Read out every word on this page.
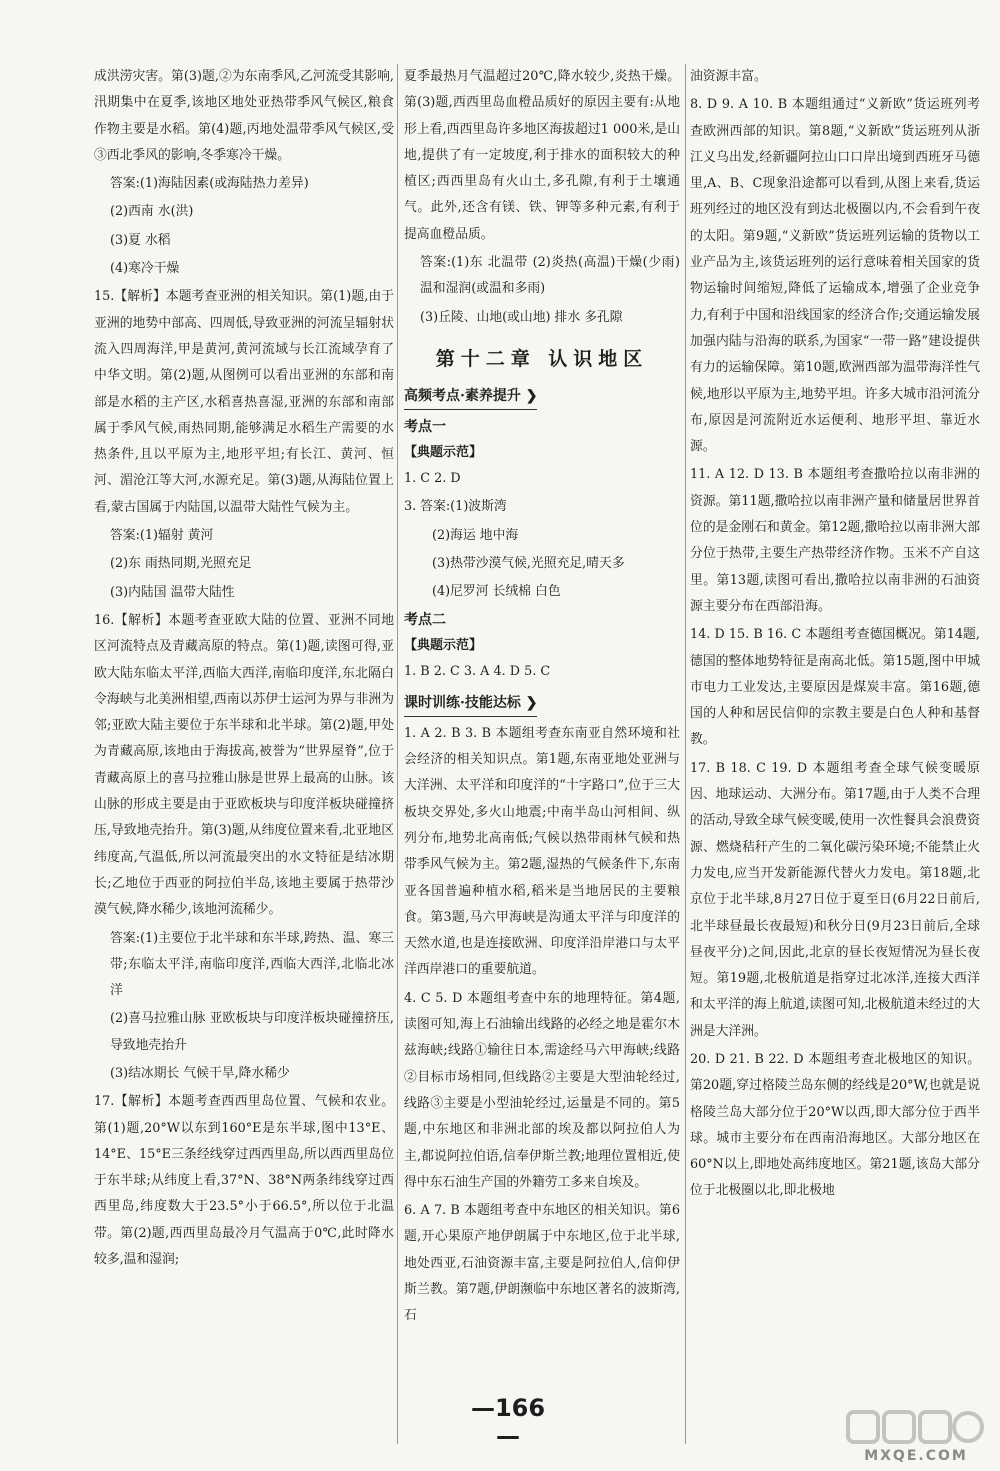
成洪涝灾害。第(3)题,②为东南季风,乙河流受其影响,汛期集中在夏季,该地区地处亚热带季风气候区,粮食作物主要是水稻。第(4)题,丙地处温带季风气候区,受③西北季风的影响,冬季寒冷干燥。

答案:(1)海陆因素(或海陆热力差异)

(2)西南 水(洪)

(3)夏 水稻

(4)寒冷干燥

15.【解析】本题考查亚洲的相关知识。第(1)题,由于亚洲的地势中部高、四周低,导致亚洲的河流呈辐射状流入四周海洋,甲是黄河,黄河流域与长江流域孕育了中华文明。第(2)题,从图例可以看出亚洲的东部和南部是水稻的主产区,水稻喜热喜湿,亚洲的东部和南部属于季风气候,雨热同期,能够满足水稻生产需要的水热条件,且以平原为主,地形平坦;有长江、黄河、恒河、湄沧江等大河,水源充足。第(3)题,从海陆位置上看,蒙古国属于内陆国,以温带大陆性气候为主。

答案:(1)辐射 黄河

(2)东 雨热同期,光照充足

(3)内陆国 温带大陆性

16.【解析】本题考查亚欧大陆的位置、亚洲不同地区河流特点及青藏高原的特点。第(1)题,读图可得,亚欧大陆东临太平洋,西临大西洋,南临印度洋,东北隔白令海峡与北美洲相望,西南以苏伊士运河为界与非洲为邻;亚欧大陆主要位于东半球和北半球。第(2)题,甲处为青藏高原,该地由于海拔高,被誉为“世界屋脊”,位于青藏高原上的喜马拉雅山脉是世界上最高的山脉。该山脉的形成主要是由于亚欧板块与印度洋板块碰撞挤压,导致地壳抬升。第(3)题,从纬度位置来看,北亚地区纬度高,气温低,所以河流最突出的水文特征是结冰期长;乙地位于西亚的阿拉伯半岛,该地主要属于热带沙漠气候,降水稀少,该地河流稀少。

答案:(1)主要位于北半球和东半球,跨热、温、寒三带;东临太平洋,南临印度洋,西临大西洋,北临北冰洋

(2)喜马拉雅山脉 亚欧板块与印度洋板块碰撞挤压,导致地壳抬升

(3)结冰期长 气候干旱,降水稀少

17.【解析】本题考查西西里岛位置、气候和农业。第(1)题,20°W以东到160°E是东半球,图中13°E、14°E、15°E三条经线穿过西西里岛,所以西西里岛位于东半球;从纬度上看,37°N、38°N两条纬线穿过西西里岛,纬度数大于23.5°小于66.5°,所以位于北温带。第(2)题,西西里岛最冷月气温高于0℃,此时降水较多,温和湿润;

夏季最热月气温超过20℃,降水较少,炎热干燥。第(3)题,西西里岛血橙品质好的原因主要有:从地形上看,西西里岛许多地区海拔超过1 000米,是山地,提供了有一定坡度,利于排水的面积较大的种植区;西西里岛有火山土,多孔隙,有利于土壤通气。此外,还含有镁、铁、钾等多种元素,有利于提高血橙品质。

答案:(1)东 北温带 (2)炎热(高温)干燥(少雨) 温和湿润(或温和多雨)

(3)丘陵、山地(或山地) 排水 多孔隙

第十二章 认识地区
高频考点·素养提升 ❯
考点一
【典题示范】

1. C 2. D

3. 答案:(1)波斯湾

(2)海运 地中海

(3)热带沙漠气候,光照充足,晴天多

(4)尼罗河 长绒棉 白色

考点二
【典题示范】

1. B 2. C 3. A 4. D 5. C

课时训练·技能达标 ❯

1. A 2. B 3. B 本题组考查东南亚自然环境和社会经济的相关知识点。第1题,东南亚地处亚洲与大洋洲、太平洋和印度洋的“十字路口”,位于三大板块交界处,多火山地震;中南半岛山河相间、纵列分布,地势北高南低;气候以热带雨林气候和热带季风气候为主。第2题,湿热的气候条件下,东南亚各国普遍种植水稻,稻米是当地居民的主要粮食。第3题,马六甲海峡是沟通太平洋与印度洋的天然水道,也是连接欧洲、印度洋沿岸港口与太平洋西岸港口的重要航道。

4. C 5. D 本题组考查中东的地理特征。第4题,读图可知,海上石油输出线路的必经之地是霍尔木兹海峡;线路①输往日本,需途经马六甲海峡;线路②目标市场相同,但线路②主要是大型油轮经过,线路③主要是小型油轮经过,运量是不同的。第5题,中东地区和非洲北部的埃及都以阿拉伯人为主,都说阿拉伯语,信奉伊斯兰教;地理位置相近,使得中东石油生产国的外籍劳工多来自埃及。

6. A 7. B 本题组考查中东地区的相关知识。第6题,开心果原产地伊朗属于中东地区,位于北半球,地处西亚,石油资源丰富,主要是阿拉伯人,信仰伊斯兰教。第7题,伊朗濒临中东地区著名的波斯湾,石

油资源丰富。

8. D 9. A 10. B 本题组通过“义新欧”货运班列考查欧洲西部的知识。第8题,“义新欧”货运班列从浙江义乌出发,经新疆阿拉山口口岸出境到西班牙马德里,A、B、C现象沿途都可以看到,从图上来看,货运班列经过的地区没有到达北极圈以内,不会看到午夜的太阳。第9题,“义新欧”货运班列运输的货物以工业产品为主,该货运班列的运行意味着相关国家的货物运输时间缩短,降低了运输成本,增强了企业竞争力,有利于中国和沿线国家的经济合作;交通运输发展加强内陆与沿海的联系,为国家“一带一路”建设提供有力的运输保障。第10题,欧洲西部为温带海洋性气候,地形以平原为主,地势平坦。许多大城市沿河流分布,原因是河流附近水运便利、地形平坦、靠近水源。

11. A 12. D 13. B 本题组考查撒哈拉以南非洲的资源。第11题,撒哈拉以南非洲产量和储量居世界首位的是金刚石和黄金。第12题,撒哈拉以南非洲大部分位于热带,主要生产热带经济作物。玉米不产自这里。第13题,读图可看出,撒哈拉以南非洲的石油资源主要分布在西部沿海。

14. D 15. B 16. C 本题组考查德国概况。第14题,德国的整体地势特征是南高北低。第15题,图中甲城市电力工业发达,主要原因是煤炭丰富。第16题,德国的人种和居民信仰的宗教主要是白色人种和基督教。

17. B 18. C 19. D 本题组考查全球气候变暖原因、地球运动、大洲分布。第17题,由于人类不合理的活动,导致全球气候变暖,使用一次性餐具会浪费资源、燃烧秸秆产生的二氧化碳污染环境;不能禁止火力发电,应当开发新能源代替火力发电。第18题,北京位于北半球,8月27日位于夏至日(6月22日前后,北半球昼最长夜最短)和秋分日(9月23日前后,全球昼夜平分)之间,因此,北京的昼长夜短情况为昼长夜短。第19题,北极航道是指穿过北冰洋,连接大西洋和太平洋的海上航道,读图可知,北极航道未经过的大洲是大洋洲。

20. D 21. B 22. D 本题组考查北极地区的知识。第20题,穿过格陵兰岛东侧的经线是20°W,也就是说格陵兰岛大部分位于20°W以西,即大部分位于西半球。城市主要分布在西南沿海地区。大部分地区在60°N以上,即地处高纬度地区。第21题,该岛大部分位于北极圈以北,即北极地

—166—
MXQE.COM
